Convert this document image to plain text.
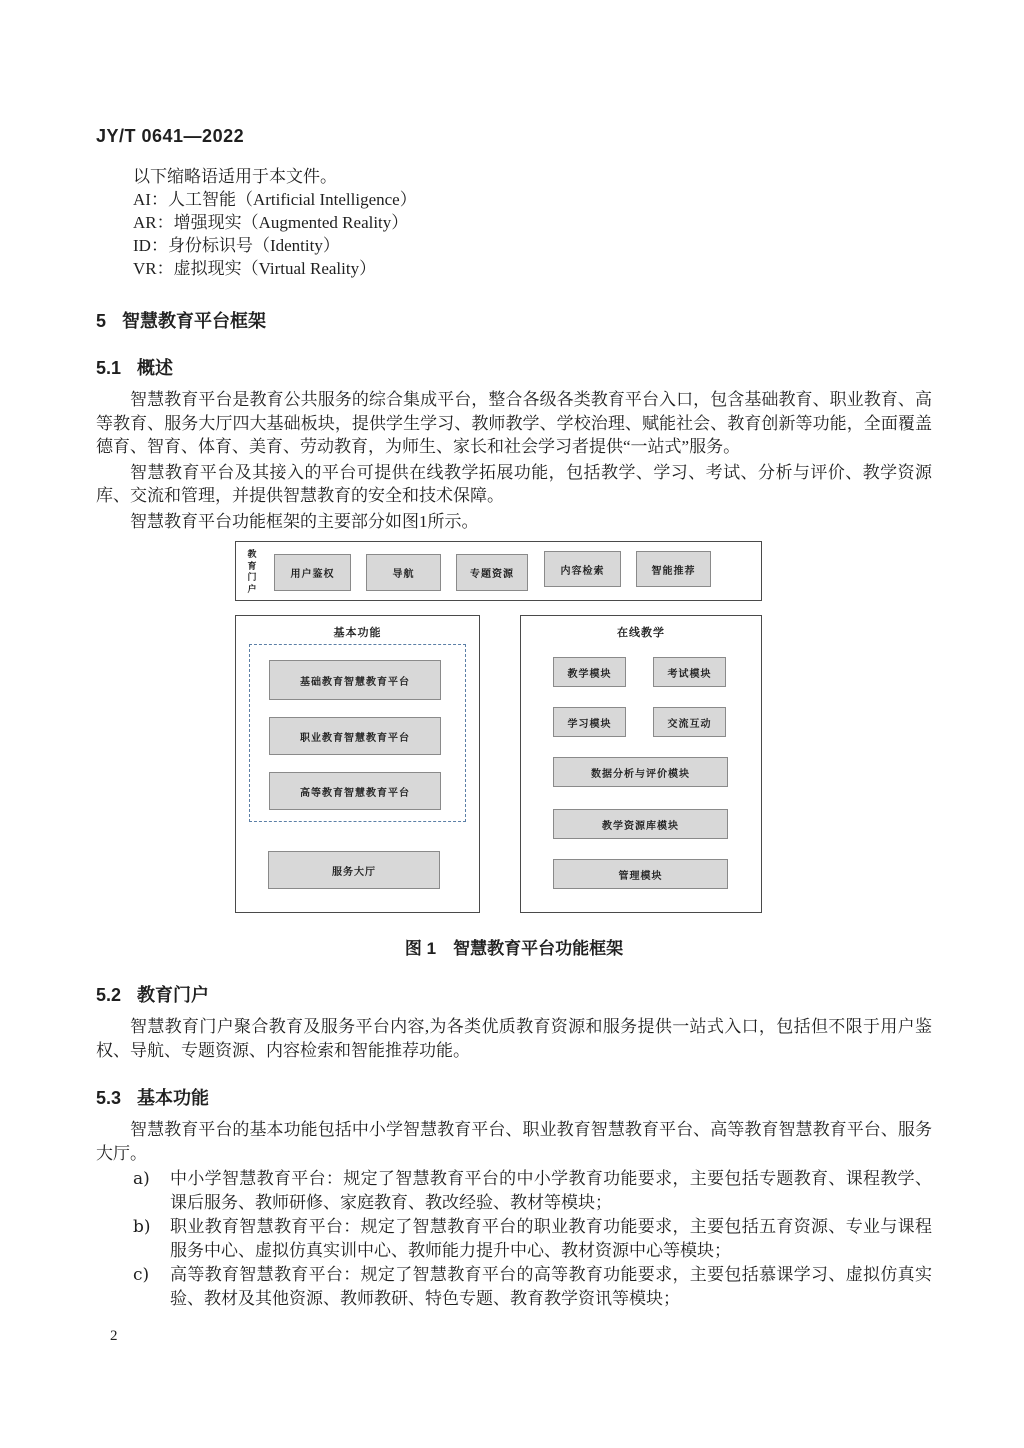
JY/T 0641—2022
以下缩略语适用于本文件。
AI：人工智能（Artificial Intelligence）
AR：增强现实（Augmented Reality）
ID：身份标识号（Identity）
VR：虚拟现实（Virtual Reality）
5 智慧教育平台框架
5.1 概述

智慧教育平台是教育公共服务的综合集成平台，整合各级各类教育平台入口，包含基础教育、职业教育、高等教育、服务大厅四大基础板块，提供学生学习、教师教学、学校治理、赋能社会、教育创新等功能，全面覆盖德育、智育、体育、美育、劳动教育，为师生、家长和社会学习者提供“一站式”服务。

智慧教育平台及其接入的平台可提供在线教学拓展功能，包括教学、学习、考试、分析与评价、教学资源库、交流和管理，并提供智慧教育的安全和技术保障。

智慧教育平台功能框架的主要部分如图1所示。

教育门户
用户鉴权	导航	专题资源	内容检索	智能推荐
基本功能
基础教育智慧教育平台
职业教育智慧教育平台
高等教育智慧教育平台
服务大厅
在线教学
教学模块	考试模块
学习模块	交流互动
数据分析与评价模块
教学资源库模块
管理模块
图 1　智慧教育平台功能框架
5.2 教育门户

智慧教育门户聚合教育及服务平台内容,为各类优质教育资源和服务提供一站式入口，包括但不限于用户鉴权、导航、专题资源、内容检索和智能推荐功能。

5.3 基本功能

智慧教育平台的基本功能包括中小学智慧教育平台、职业教育智慧教育平台、高等教育智慧教育平台、服务大厅。

a)	中小学智慧教育平台：规定了智慧教育平台的中小学教育功能要求，主要包括专题教育、课程教学、课后服务、教师研修、家庭教育、教改经验、教材等模块；
b)	职业教育智慧教育平台：规定了智慧教育平台的职业教育功能要求，主要包括五育资源、专业与课程服务中心、虚拟仿真实训中心、教师能力提升中心、教材资源中心等模块；
c)	高等教育智慧教育平台：规定了智慧教育平台的高等教育功能要求，主要包括慕课学习、虚拟仿真实验、教材及其他资源、教师教研、特色专题、教育教学资讯等模块；
2
